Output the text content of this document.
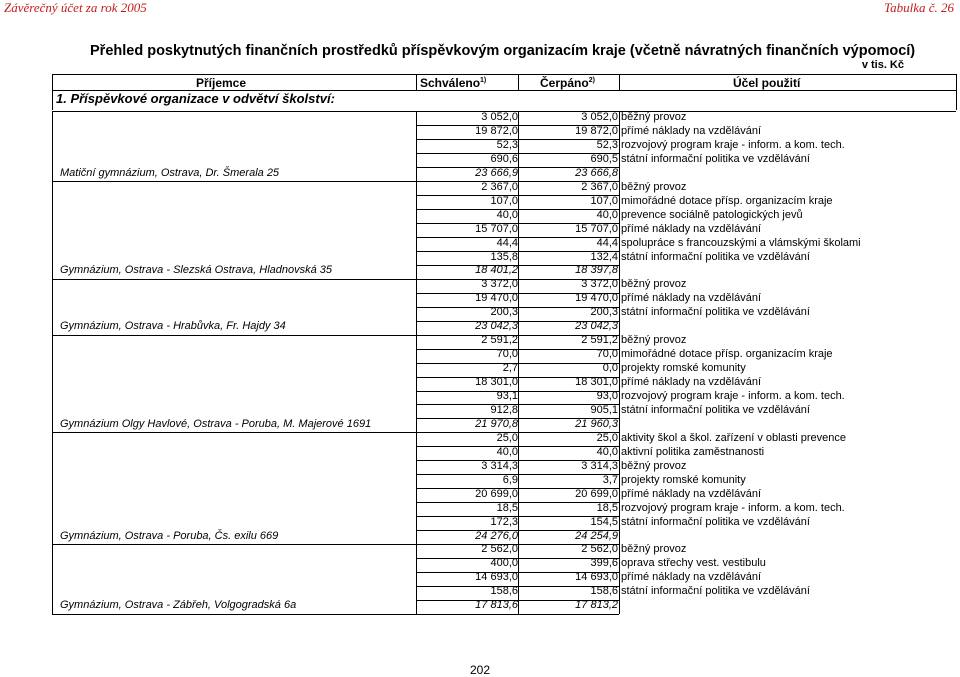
Závěrečný účet za rok 2005	Tabulka č. 26
Přehled poskytnutých finančních prostředků příspěvkovým organizacím kraje (včetně návratných finančních výpomocí)
v tis. Kč
Příjemce	Schváleno$^{1)}$	Čerpáno$^{2)}$	Účel použití
1. Příspěvkové organizace v odvětví školství:
3 052,0	3 052,0 běžný provoz
19 872,0	19 872,0 přímé náklady na vzdělávání
52,3	52,3 rozvojový program kraje - inform. a kom. tech.
690,6	690,5 státní informační politika ve vzdělávání
Matiční gymnázium, Ostrava, Dr. Šmerala 25	23 666,9	23 666,8
2 367,0	2 367,0 běžný provoz
107,0	107,0 mimořádné dotace přísp. organizacím kraje
40,0	40,0 prevence sociálně patologických jevů
15 707,0	15 707,0 přímé náklady na vzdělávání
44,4	44,4 spolupráce s francouzskými a vlámskými školami
135,8	132,4 státní informační politika ve vzdělávání
Gymnázium, Ostrava - Slezská Ostrava, Hladnovská 35	18 401,2	18 397,8
3 372,0	3 372,0 běžný provoz
19 470,0	19 470,0 přímé náklady na vzdělávání
200,3	200,3 státní informační politika ve vzdělávání
Gymnázium, Ostrava - Hrabůvka, Fr. Hajdy 34	23 042,3	23 042,3
2 591,2	2 591,2 běžný provoz
70,0	70,0 mimořádné dotace přísp. organizacím kraje
2,7	0,0 projekty romské komunity
18 301,0	18 301,0 přímé náklady na vzdělávání
93,1	93,0 rozvojový program kraje - inform. a kom. tech.
912,8	905,1 státní informační politika ve vzdělávání
Gymnázium Olgy Havlové, Ostrava - Poruba, M. Majerové 1691	21 970,8	21 960,3
25,0	25,0 aktivity škol a škol. zařízení v oblasti prevence
40,0	40,0 aktivní politika zaměstnanosti
3 314,3	3 314,3 běžný provoz
6,9	3,7 projekty romské komunity
20 699,0	20 699,0 přímé náklady na vzdělávání
18,5	18,5 rozvojový program kraje - inform. a kom. tech.
172,3	154,5 státní informační politika ve vzdělávání
Gymnázium, Ostrava - Poruba, Čs. exilu 669	24 276,0	24 254,9
2 562,0	2 562,0 běžný provoz
400,0	399,6 oprava střechy vest. vestibulu
14 693,0	14 693,0 přímé náklady na vzdělávání
158,6	158,6 státní informační politika ve vzdělávání
Gymnázium, Ostrava - Zábřeh, Volgogradská 6a	17 813,6	17 813,2
202
